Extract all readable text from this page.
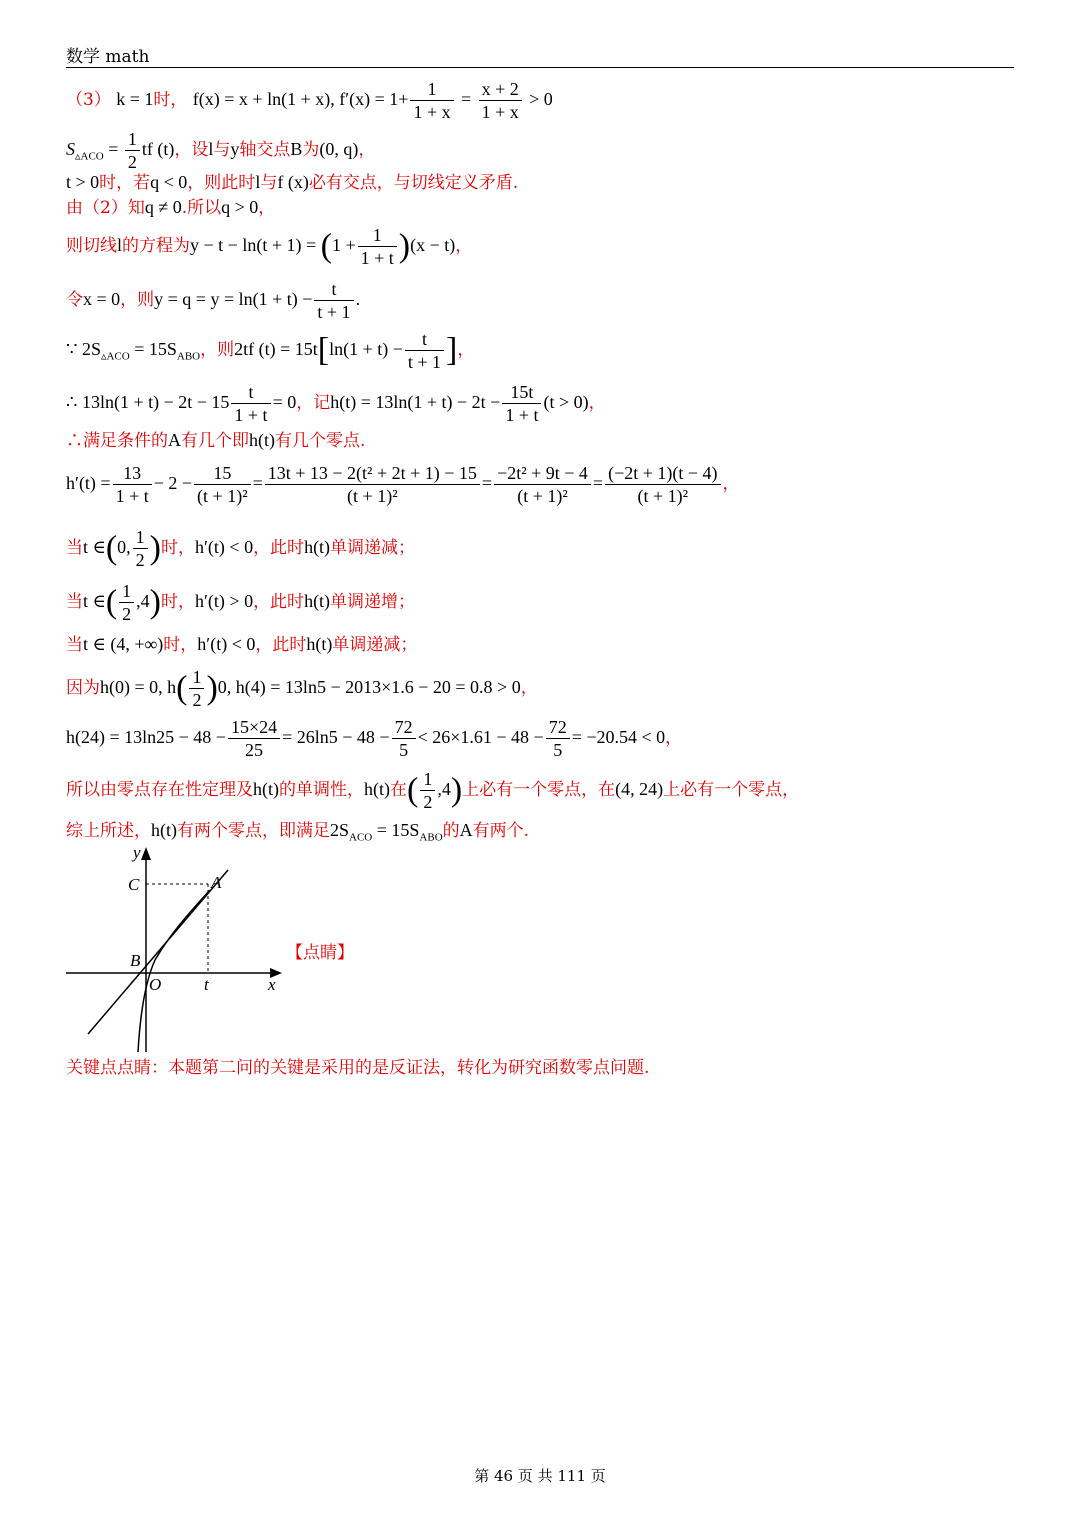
数学 math
（3） k = 1时， f(x) = x + ln(1 + x), $f'(x) = 1+ \frac{1}{1 + x} = \frac{x + 2}{1 + x} > 0$
$S_{▵ACO} = \frac{1}{2}$ tf (t)，设l与y轴交点B为(0, q)，
t > 0时，若q < 0，则此时l与f (x)必有交点，与切线定义矛盾.
由（2）知q ≠ 0.所以q > 0，
则切线l的方程为$y - t - \ln(t + 1) = (1 + \frac{1}{1 + t} )(x - t)$，
令x = 0，则$y = q = y = \ln(1 + t) - \frac{t}{t + 1}$ .
∵ $2S_{▵ACO} = 15S_{ABO}$，则2tf $(t) = 15t[\ln(1 + t) - \frac{t}{t + 1}$ ]，
∴ $13\ln(1 + t) - 2t - 15 \frac{t}{1 + t} = 0$，记$h(t) = 13\ln(1 + t) - 2t - \frac{15t}{1 + t} (t > 0)$，
∴满足条件的A有几个即h(t)有几个零点.
$h'(t) = \frac{13}{1 + t} - 2 - \frac{15}{\text{(t + 1)²}} = \frac{\text{13t + 13 − 2(t² + 2t + 1) − 15}}{\text{(t + 1)²}} = \frac{\text{−2t² + 9t − 4}}{\text{(t + 1)²}} = \frac{(-2t + 1)(t - 4)}{\text{(t + 1)²}}$ ，
当t ∈(0, $\frac{1}{2}$ )时，h′(t) < 0，此时h(t)单调递减；
当t ∈( $\frac{1}{2} ,4$)时，h′(t) > 0，此时h(t)单调递增；
当t ∈ (4, +∞)时，h′(t) < 0，此时h(t)单调递减；
因为h(0) = 0, $h( \frac{1}{2} )0$, h(4) = 13ln5 − 2013×1.6 − 20 = 0.8 > 0，
$h(24) = 13\ln 25 - 48 - \frac{15\times 24}{25} = 26\ln 5 - 48 - \frac{72}{5} < 26\times 1.61 - 48 - \frac{72}{5} = -20.54 < 0$，
所以由零点存在性定理及h(t)的单调性，h(t)在( $\frac{1}{2} ,4$)上必有一个零点，在(4, 24)上必有一个零点，
综上所述，h(t)有两个零点，即满足$2S_{ACO} = 15S_{ABO}$的A有两个.
y
C	A
B
O	t	x
【点睛】
关键点点睛：本题第二问的关键是采用的是反证法，转化为研究函数零点问题.
第 46 页 共 111 页
